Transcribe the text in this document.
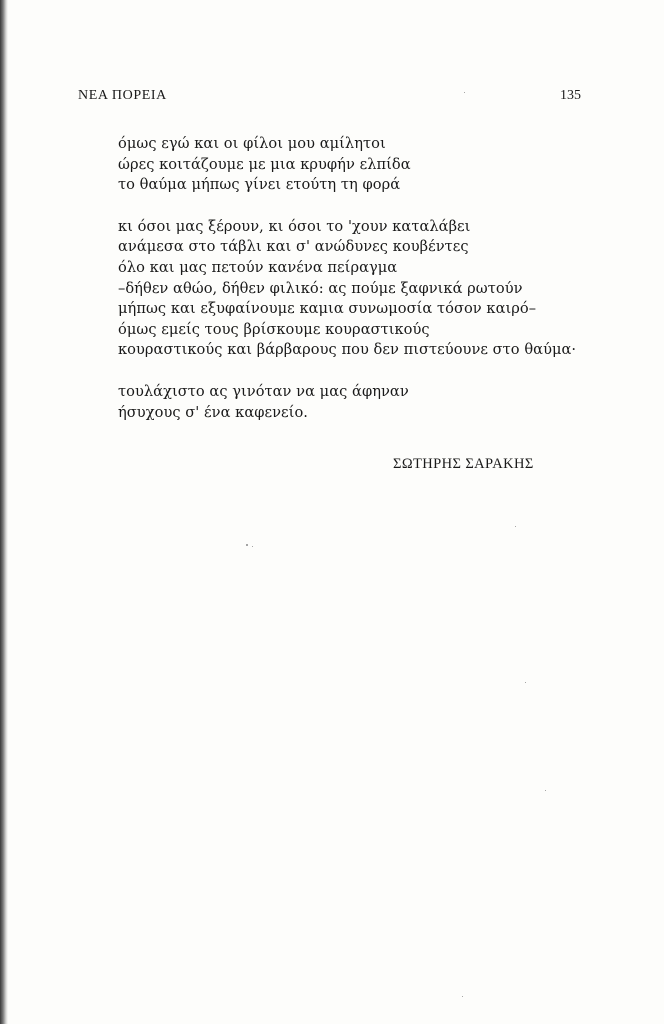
ΝΕΑ ΠΟΡΕΙΑ	135
όμως εγώ και οι φίλοι μου αμίλητοι
ώρες κοιτάζουμε με μια κρυφήν ελπίδα
το θαύμα μήπως γίνει ετούτη τη φορά
κι όσοι μας ξέρουν, κι όσοι το 'χουν καταλάβει
ανάμεσα στο τάβλι και σ' ανώδυνες κουβέντες
όλο και μας πετούν κανένα πείραγμα
–δήθεν αθώο, δήθεν φιλικό: ας πούμε ξαφνικά ρωτούν
μήπως και εξυφαίνουμε καμια συνωμοσία τόσον καιρό–
όμως εμείς τους βρίσκουμε κουραστικούς
κουραστικούς και βάρβαρους που δεν πιστεύουνε στο θαύμα·
τουλάχιστο ας γινόταν να μας άφηναν
ήσυχους σ' ένα καφενείο.
ΣΩΤΗΡΗΣ ΣΑΡΑΚΗΣ
